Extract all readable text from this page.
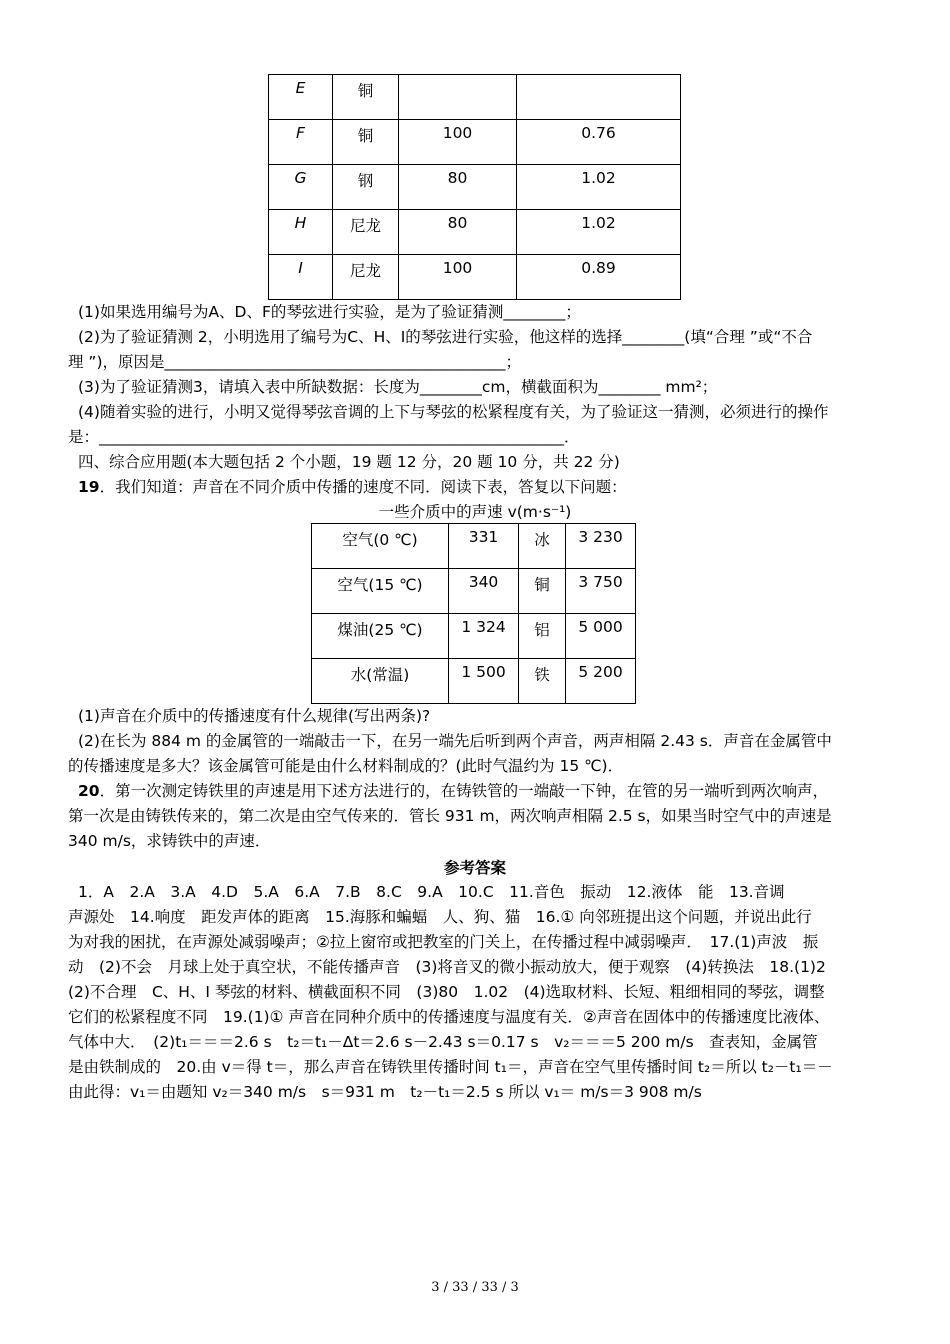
E	铜		
F	铜	100	0.76
G	钢	80	1.02
H	尼龙	80	1.02
I	尼龙	100	0.89
(1)如果选用编号为A、D、F的琴弦进行实验，是为了验证猜测________；
(2)为了验证猜测 2，小明选用了编号为C、H、I的琴弦进行实验，他这样的选择________(填“合理 ”或“不合
理 ”)，原因是____________________________________________；
(3)为了验证猜测3，请填入表中所缺数据：长度为________cm，横截面积为________ mm²；
(4)随着实验的进行，小明又觉得琴弦音调的上下与琴弦的松紧程度有关，为了验证这一猜测，必须进行的操作
是：____________________________________________________________．
四、综合应用题(本大题包括 2 个小题，19 题 12 分，20 题 10 分，共 22 分)
19．我们知道：声音在不同介质中传播的速度不同．阅读下表，答复以下问题：
一些介质中的声速 v(m·s⁻¹)
空气(0 ℃)	331	冰	3 230
空气(15 ℃)	340	铜	3 750
煤油(25 ℃)	1 324	铝	5 000
水(常温)	1 500	铁	5 200
(1)声音在介质中的传播速度有什么规律(写出两条)?
(2)在长为 884 m 的金属管的一端敲击一下，在另一端先后听到两个声音，两声相隔 2.43 s．声音在金属管中
的传播速度是多大？该金属管可能是由什么材料制成的？(此时气温约为 15 ℃)．
20．第一次测定铸铁里的声速是用下述方法进行的，在铸铁管的一端敲一下钟，在管的另一端听到两次响声，
第一次是由铸铁传来的，第二次是由空气传来的．管长 931 m，两次响声相隔 2.5 s，如果当时空气中的声速是
340 m/s，求铸铁中的声速．
参考答案
1．A　2.A　3.A　4.D　5.A　6.A　7.B　8.C　9.A　10.C　11.音色　振动　12.液体　能　13.音调
声源处　14.响度　距发声体的距离　15.海豚和蝙蝠　人、狗、猫　16.① 向邻班提出这个问题，并说出此行
为对我的困扰，在声源处减弱噪声；②拉上窗帘或把教室的门关上，在传播过程中减弱噪声．　17.(1)声波　振
动　(2)不会　月球上处于真空状，不能传播声音　(3)将音叉的微小振动放大，便于观察　(4)转换法　18.(1)2
(2)不合理　C、H、I 琴弦的材料、横截面积不同　(3)80　1.02　(4)选取材料、长短、粗细相同的琴弦，调整
它们的松紧程度不同　19.(1)① 声音在同种介质中的传播速度与温度有关．②声音在固体中的传播速度比液体、
气体中大．　(2)t₁＝＝＝2.6 s　t₂＝t₁－Δt＝2.6 s－2.43 s＝0.17 s　v₂＝＝＝5 200 m/s　查表知，金属管
是由铁制成的　20.由 v＝得 t＝，那么声音在铸铁里传播时间 t₁＝，声音在空气里传播时间 t₂＝所以 t₂－t₁＝－
由此得：v₁＝由题知 v₂＝340 m/s　s＝931 m　t₂－t₁＝2.5 s 所以 v₁＝ m/s＝3 908 m/s
3 / 33 / 33 / 3
